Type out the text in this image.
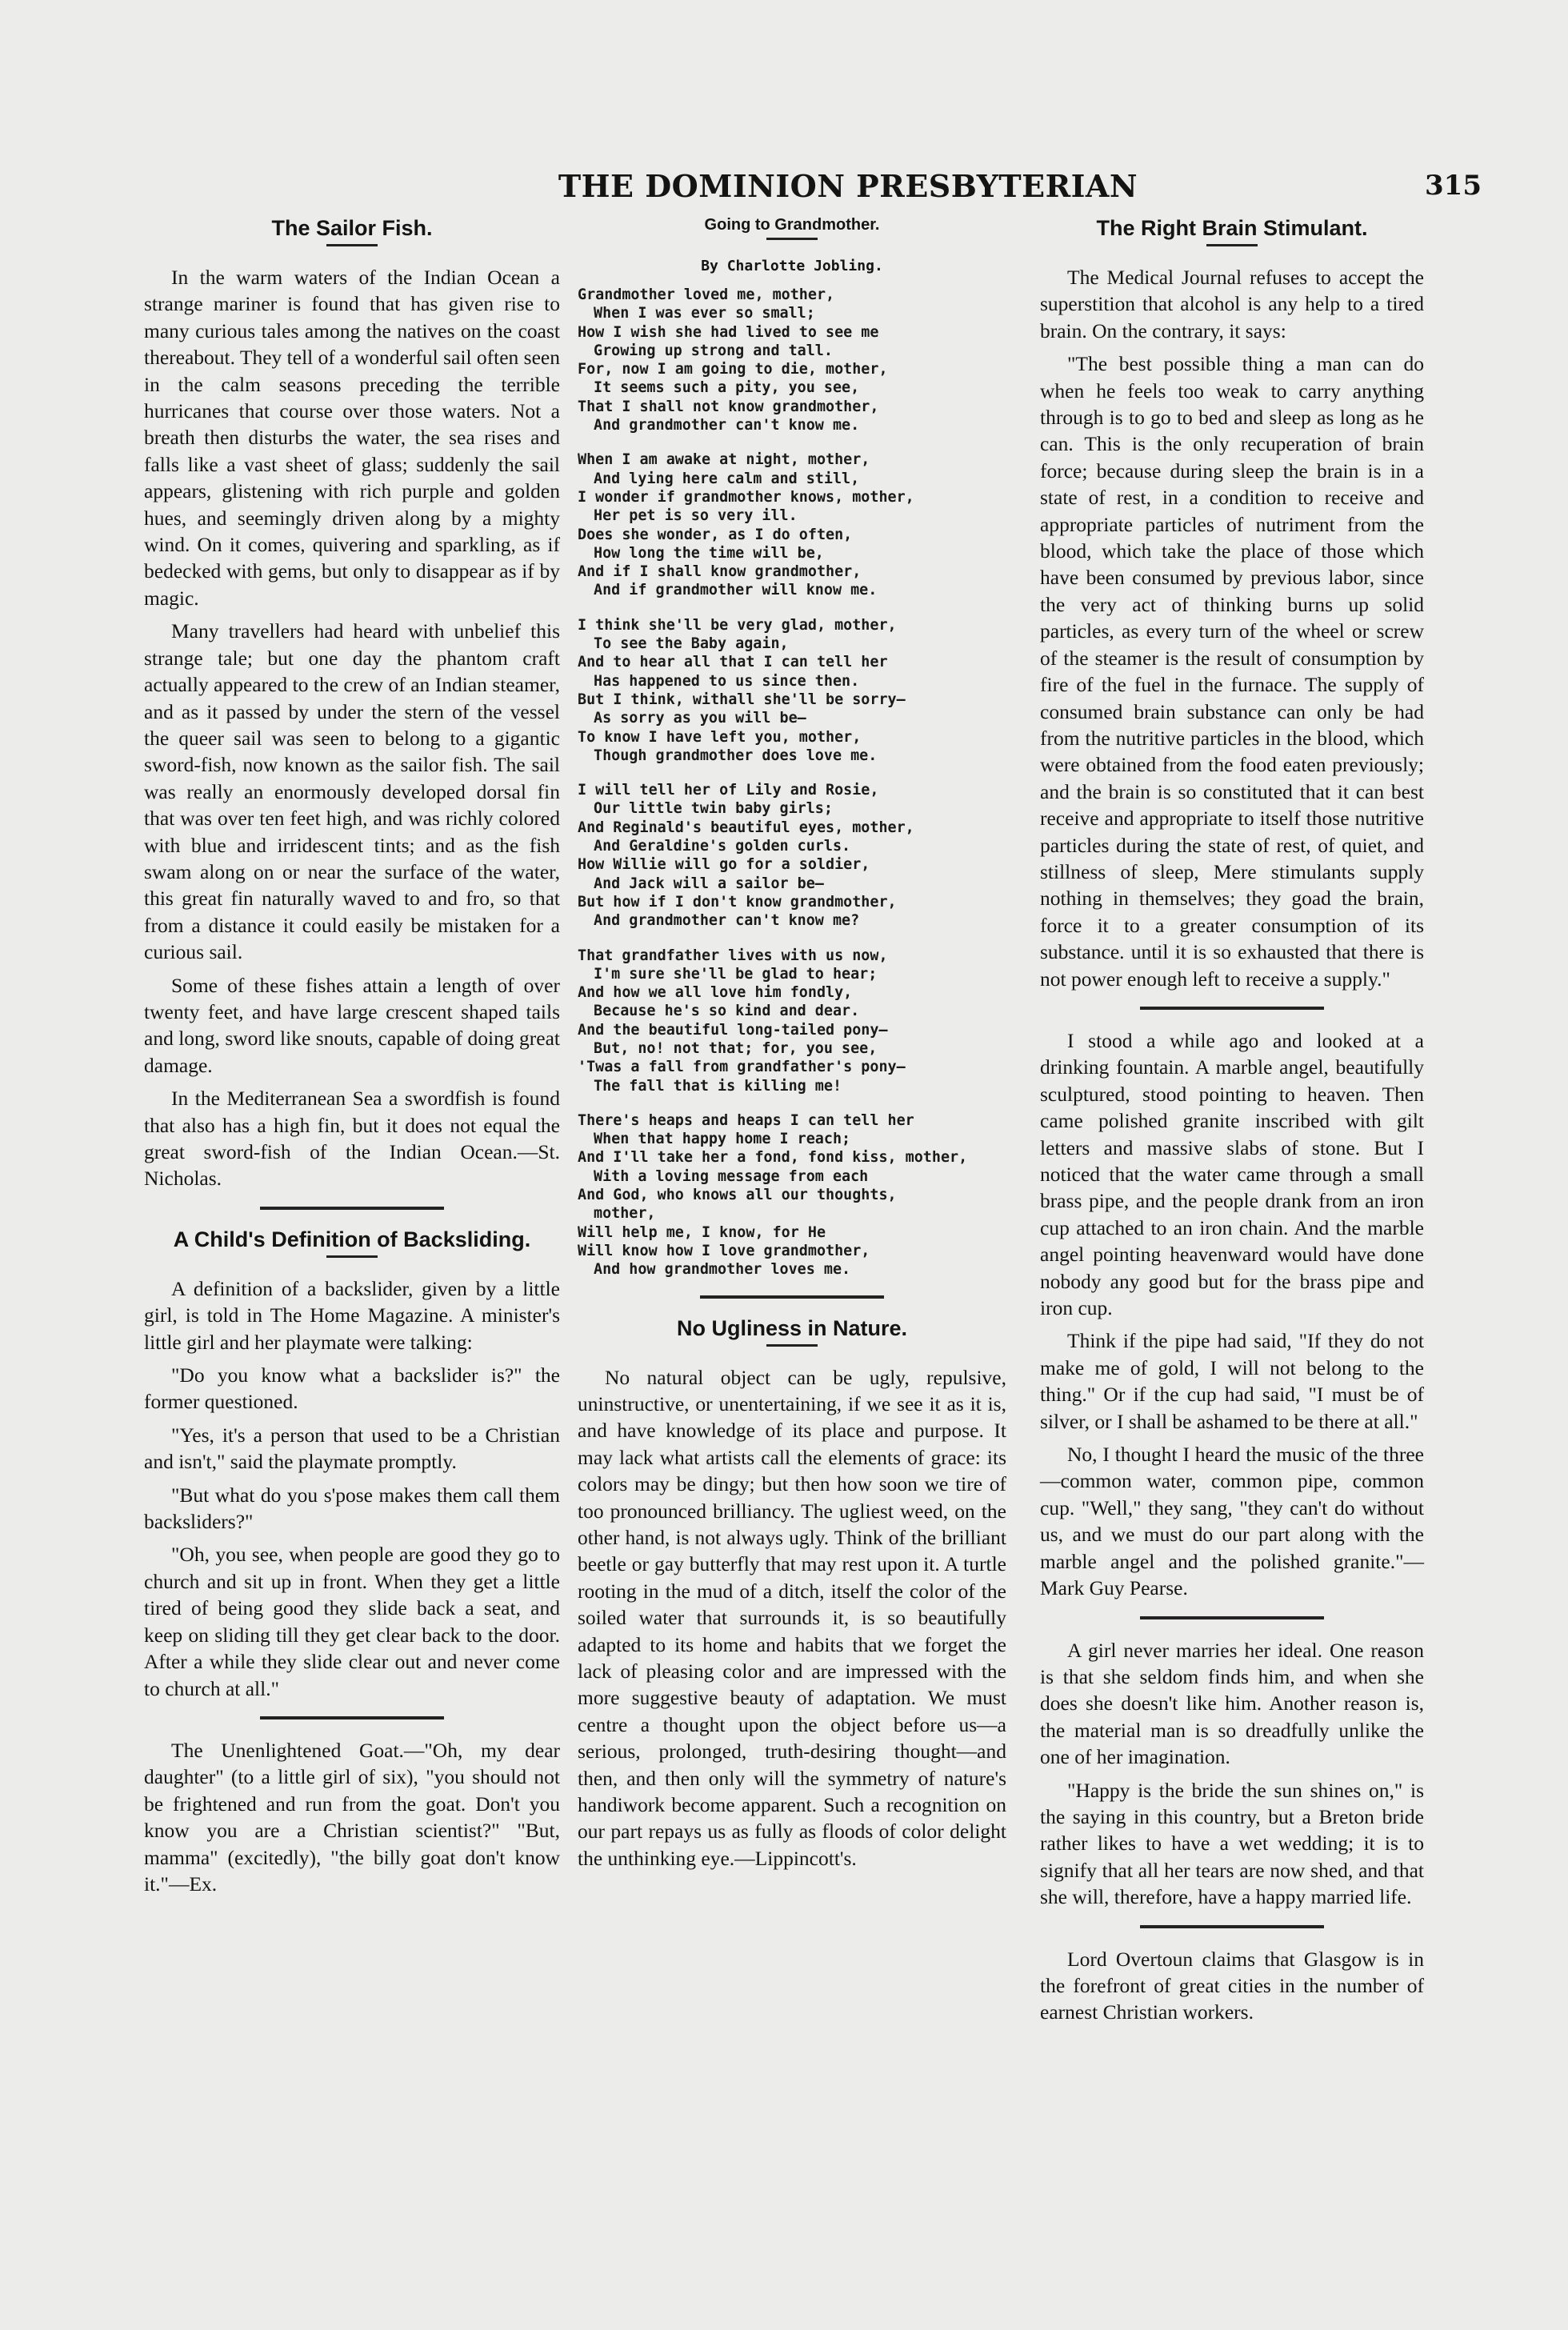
THE DOMINION PRESBYTERIAN	315
The Sailor Fish.

In the warm waters of the Indian Ocean a strange mariner is found that has given rise to many curious tales among the natives on the coast thereabout. They tell of a wonderful sail often seen in the calm seasons preceding the terrible hurricanes that course over those waters. Not a breath then disturbs the water, the sea rises and falls like a vast sheet of glass; suddenly the sail appears, glistening with rich purple and golden hues, and seemingly driven along by a mighty wind. On it comes, quivering and sparkling, as if bedecked with gems, but only to disappear as if by magic.

Many travellers had heard with unbelief this strange tale; but one day the phantom craft actually appeared to the crew of an Indian steamer, and as it passed by under the stern of the vessel the queer sail was seen to belong to a gigantic sword-fish, now known as the sailor fish. The sail was really an enormously developed dorsal fin that was over ten feet high, and was richly colored with blue and irridescent tints; and as the fish swam along on or near the surface of the water, this great fin naturally waved to and fro, so that from a distance it could easily be mistaken for a curious sail.

Some of these fishes attain a length of over twenty feet, and have large crescent shaped tails and long, sword like snouts, capable of doing great damage.

In the Mediterranean Sea a swordfish is found that also has a high fin, but it does not equal the great sword-fish of the Indian Ocean.—St. Nicholas.

A Child's Definition of Backsliding.

A definition of a backslider, given by a little girl, is told in The Home Magazine. A minister's little girl and her playmate were talking:

"Do you know what a backslider is?" the former questioned.

"Yes, it's a person that used to be a Christian and isn't," said the playmate promptly.

"But what do you s'pose makes them call them backsliders?"

"Oh, you see, when people are good they go to church and sit up in front. When they get a little tired of being good they slide back a seat, and keep on sliding till they get clear back to the door. After a while they slide clear out and never come to church at all."

The Unenlightened Goat.—"Oh, my dear daughter" (to a little girl of six), "you should not be frightened and run from the goat. Don't you know you are a Christian scientist?" "But, mamma" (excitedly), "the billy goat don't know it."—Ex.

Going to Grandmother.
By Charlotte Jobling.
Grandmother loved me, mother,
When I was ever so small;
How I wish she had lived to see me
Growing up strong and tall.
For, now I am going to die, mother,
It seems such a pity, you see,
That I shall not know grandmother,
And grandmother can't know me.
When I am awake at night, mother,
And lying here calm and still,
I wonder if grandmother knows, mother,
Her pet is so very ill.
Does she wonder, as I do often,
How long the time will be,
And if I shall know grandmother,
And if grandmother will know me.
I think she'll be very glad, mother,
To see the Baby again,
And to hear all that I can tell her
Has happened to us since then.
But I think, withall she'll be sorry—
As sorry as you will be—
To know I have left you, mother,
Though grandmother does love me.
I will tell her of Lily and Rosie,
Our little twin baby girls;
And Reginald's beautiful eyes, mother,
And Geraldine's golden curls.
How Willie will go for a soldier,
And Jack will a sailor be—
But how if I don't know grandmother,
And grandmother can't know me?
That grandfather lives with us now,
I'm sure she'll be glad to hear;
And how we all love him fondly,
Because he's so kind and dear.
And the beautiful long-tailed pony—
But, no! not that; for, you see,
'Twas a fall from grandfather's pony—
The fall that is killing me!
There's heaps and heaps I can tell her
When that happy home I reach;
And I'll take her a fond, fond kiss, mother,
With a loving message from each
And God, who knows all our thoughts,
mother,
Will help me, I know, for He
Will know how I love grandmother,
And how grandmother loves me.
No Ugliness in Nature.

No natural object can be ugly, repulsive, uninstructive, or unentertaining, if we see it as it is, and have knowledge of its place and purpose. It may lack what artists call the elements of grace: its colors may be dingy; but then how soon we tire of too pronounced brilliancy. The ugliest weed, on the other hand, is not always ugly. Think of the brilliant beetle or gay butterfly that may rest upon it. A turtle rooting in the mud of a ditch, itself the color of the soiled water that surrounds it, is so beautifully adapted to its home and habits that we forget the lack of pleasing color and are impressed with the more suggestive beauty of adaptation. We must centre a thought upon the object before us—a serious, prolonged, truth-desiring thought—and then, and then only will the symmetry of nature's handiwork become apparent. Such a recognition on our part repays us as fully as floods of color delight the unthinking eye.—Lippincott's.

The Right Brain Stimulant.

The Medical Journal refuses to accept the superstition that alcohol is any help to a tired brain. On the contrary, it says:

"The best possible thing a man can do when he feels too weak to carry anything through is to go to bed and sleep as long as he can. This is the only recuperation of brain force; because during sleep the brain is in a state of rest, in a condition to receive and appropriate particles of nutriment from the blood, which take the place of those which have been consumed by previous labor, since the very act of thinking burns up solid particles, as every turn of the wheel or screw of the steamer is the result of consumption by fire of the fuel in the furnace. The supply of consumed brain substance can only be had from the nutritive particles in the blood, which were obtained from the food eaten previously; and the brain is so constituted that it can best receive and appropriate to itself those nutritive particles during the state of rest, of quiet, and stillness of sleep, Mere stimulants supply nothing in themselves; they goad the brain, force it to a greater consumption of its substance. until it is so exhausted that there is not power enough left to receive a supply."

I stood a while ago and looked at a drinking fountain. A marble angel, beautifully sculptured, stood pointing to heaven. Then came polished granite inscribed with gilt letters and massive slabs of stone. But I noticed that the water came through a small brass pipe, and the people drank from an iron cup attached to an iron chain. And the marble angel pointing heavenward would have done nobody any good but for the brass pipe and iron cup.

Think if the pipe had said, "If they do not make me of gold, I will not belong to the thing." Or if the cup had said, "I must be of silver, or I shall be ashamed to be there at all."

No, I thought I heard the music of the three—common water, common pipe, common cup. "Well," they sang, "they can't do without us, and we must do our part along with the marble angel and the polished granite."—Mark Guy Pearse.

A girl never marries her ideal. One reason is that she seldom finds him, and when she does she doesn't like him. Another reason is, the material man is so dreadfully unlike the one of her imagination.

"Happy is the bride the sun shines on," is the saying in this country, but a Breton bride rather likes to have a wet wedding; it is to signify that all her tears are now shed, and that she will, therefore, have a happy married life.

Lord Overtoun claims that Glasgow is in the forefront of great cities in the number of earnest Christian workers.
